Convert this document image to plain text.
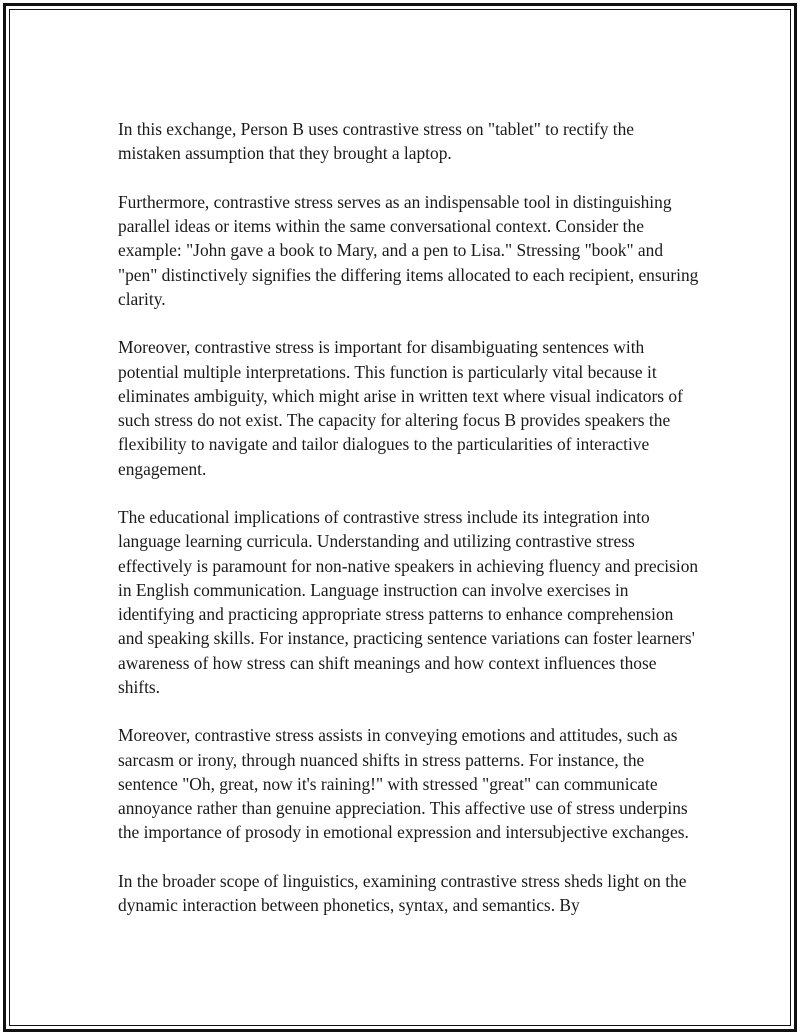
In this exchange, Person B uses contrastive stress on "tablet" to rectify the mistaken assumption that they brought a laptop.

Furthermore, contrastive stress serves as an indispensable tool in distinguishing parallel ideas or items within the same conversational context. Consider the example: "John gave a book to Mary, and a pen to Lisa." Stressing "book" and "pen" distinctively signifies the differing items allocated to each recipient, ensuring clarity.

Moreover, contrastive stress is important for disambiguating sentences with potential multiple interpretations. This function is particularly vital because it eliminates ambiguity, which might arise in written text where visual indicators of such stress do not exist. The capacity for altering focus B provides speakers the flexibility to navigate and tailor dialogues to the particularities of interactive engagement.

The educational implications of contrastive stress include its integration into language learning curricula. Understanding and utilizing contrastive stress effectively is paramount for non-native speakers in achieving fluency and precision in English communication. Language instruction can involve exercises in identifying and practicing appropriate stress patterns to enhance comprehension and speaking skills. For instance, practicing sentence variations can foster learners' awareness of how stress can shift meanings and how context influences those shifts.

Moreover, contrastive stress assists in conveying emotions and attitudes, such as sarcasm or irony, through nuanced shifts in stress patterns. For instance, the sentence "Oh, great, now it's raining!" with stressed "great" can communicate annoyance rather than genuine appreciation. This affective use of stress underpins the importance of prosody in emotional expression and intersubjective exchanges.

In the broader scope of linguistics, examining contrastive stress sheds light on the dynamic interaction between phonetics, syntax, and semantics. By
